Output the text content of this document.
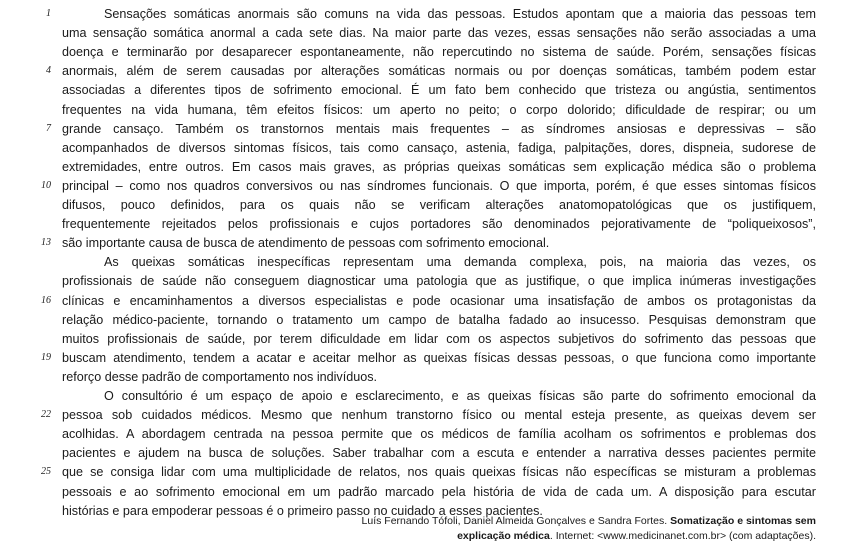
1	Sensações somáticas anormais são comuns na vida das pessoas. Estudos apontam que a maioria das pessoas tem
uma sensação somática anormal a cada sete dias. Na maior parte das vezes, essas sensações não serão associadas a uma
doença e terminarão por desaparecer espontaneamente, não repercutindo no sistema de saúde. Porém, sensações físicas
4 anormais, além de serem causadas por alterações somáticas normais ou por doenças somáticas, também podem estar
associadas a diferentes tipos de sofrimento emocional. É um fato bem conhecido que tristeza ou angústia, sentimentos
frequentes na vida humana, têm efeitos físicos: um aperto no peito; o corpo dolorido; dificuldade de respirar; ou um
7 grande cansaço. Também os transtornos mentais mais frequentes – as síndromes ansiosas e depressivas – são
acompanhados de diversos sintomas físicos, tais como cansaço, astenia, fadiga, palpitações, dores, dispneia, sudorese de
extremidades, entre outros. Em casos mais graves, as próprias queixas somáticas sem explicação médica são o problema
10 principal – como nos quadros conversivos ou nas síndromes funcionais. O que importa, porém, é que esses sintomas físicos
difusos, pouco definidos, para os quais não se verificam alterações anatomopatológicas que os justifiquem,
frequentemente rejeitados pelos profissionais e cujos portadores são denominados pejorativamente de “poliqueixosos”,
13 são importante causa de busca de atendimento de pessoas com sofrimento emocional.
As queixas somáticas inespecíficas representam uma demanda complexa, pois, na maioria das vezes, os
profissionais de saúde não conseguem diagnosticar uma patologia que as justifique, o que implica inúmeras investigações
16 clínicas e encaminhamentos a diversos especialistas e pode ocasionar uma insatisfação de ambos os protagonistas da
relação médico-paciente, tornando o tratamento um campo de batalha fadado ao insucesso. Pesquisas demonstram que
muitos profissionais de saúde, por terem dificuldade em lidar com os aspectos subjetivos do sofrimento das pessoas que
19 buscam atendimento, tendem a acatar e aceitar melhor as queixas físicas dessas pessoas, o que funciona como importante
reforço desse padrão de comportamento nos indivíduos.
O consultório é um espaço de apoio e esclarecimento, e as queixas físicas são parte do sofrimento emocional da
22 pessoa sob cuidados médicos. Mesmo que nenhum transtorno físico ou mental esteja presente, as queixas devem ser
acolhidas. A abordagem centrada na pessoa permite que os médicos de família acolham os sofrimentos e problemas dos
pacientes e ajudem na busca de soluções. Saber trabalhar com a escuta e entender a narrativa desses pacientes permite
25 que se consiga lidar com uma multiplicidade de relatos, nos quais queixas físicas não específicas se misturam a problemas
pessoais e ao sofrimento emocional em um padrão marcado pela história de vida de cada um. A disposição para escutar
histórias e para empoderar pessoas é o primeiro passo no cuidado a esses pacientes.
Luís Fernando Tófoli, Daniel Almeida Gonçalves e Sandra Fortes. Somatização e sintomas sem
explicação médica. Internet: <www.medicinanet.com.br> (com adaptações).
